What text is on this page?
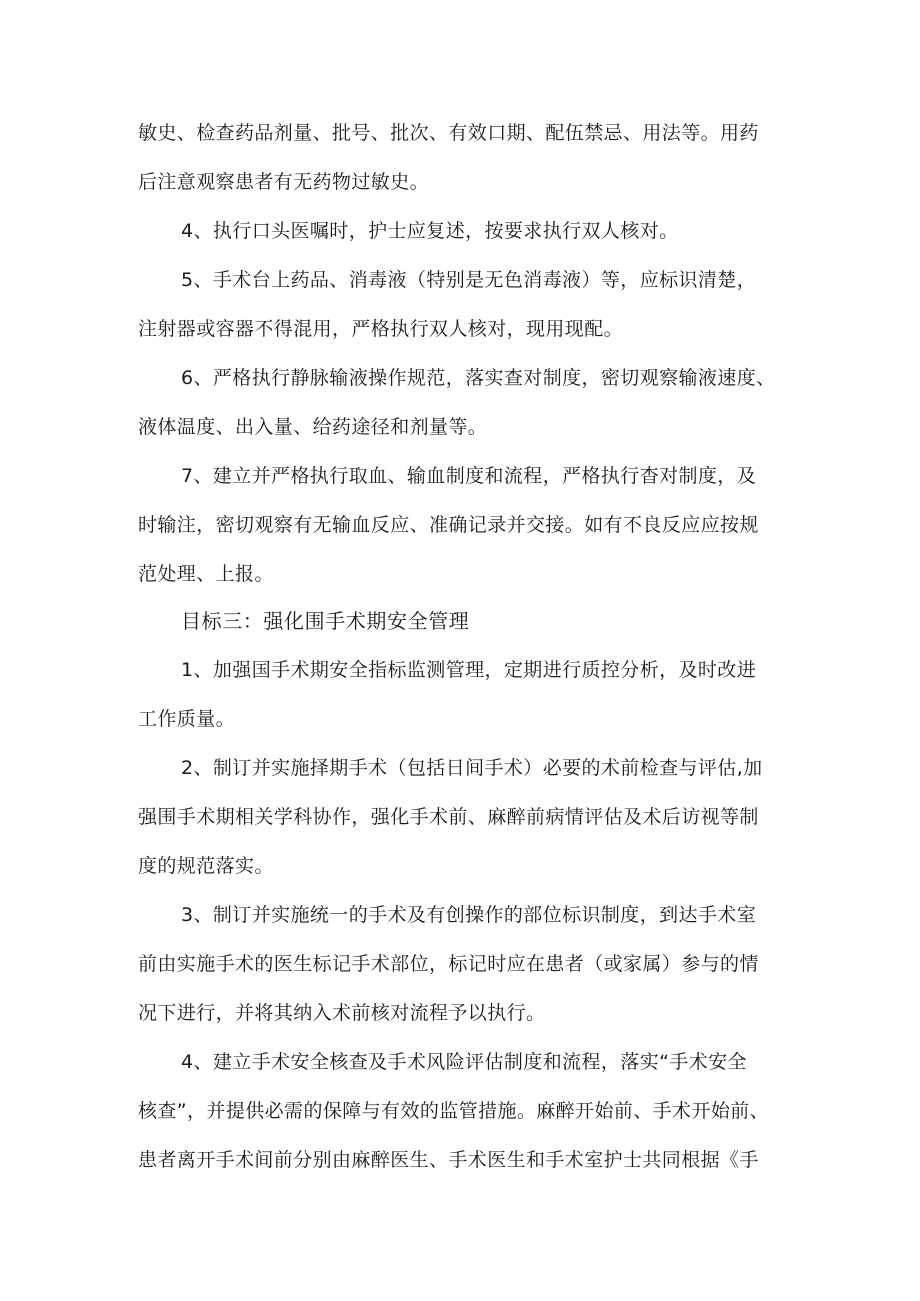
敏史、检查药品剂量、批号、批次、有效口期、配伍禁忌、用法等。用药
后注意观察患者有无药物过敏史。
4、执行口头医嘱时，护士应复述，按要求执行双人核对。
5、手术台上药品、消毒液（特别是无色消毒液）等，应标识清楚，
注射器或容器不得混用，严格执行双人核对，现用现配。
6、严格执行静脉输液操作规范，落实查对制度，密切观察输液速度、
液体温度、出入量、给药途径和剂量等。
7、建立并严格执行取血、输血制度和流程，严格执行杳对制度，及
时输注，密切观察有无输血反应、准确记录并交接。如有不良反应应按规
范处理、上报。
目标三：强化围手术期安全管理
1、加强国手术期安全指标监测管理，定期进行质控分析，及时改进
工作质量。
2、制订并实施择期手术（包括日间手术）必要的术前检查与评估,加
强围手术期相关学科协作，强化手术前、麻醉前病情评估及术后访视等制
度的规范落实。
3、制订并实施统一的手术及有创操作的部位标识制度，到达手术室
前由实施手术的医生标记手术部位，标记时应在患者（或家属）参与的情
况下进行，并将其纳入术前核对流程予以执行。
4、建立手术安全核查及手术风险评估制度和流程，落实“手术安全
核查”，并提供必需的保障与有效的监管措施。麻醉开始前、手术开始前、
患者离开手术间前分别由麻醉医生、手术医生和手术室护士共同根据《手
